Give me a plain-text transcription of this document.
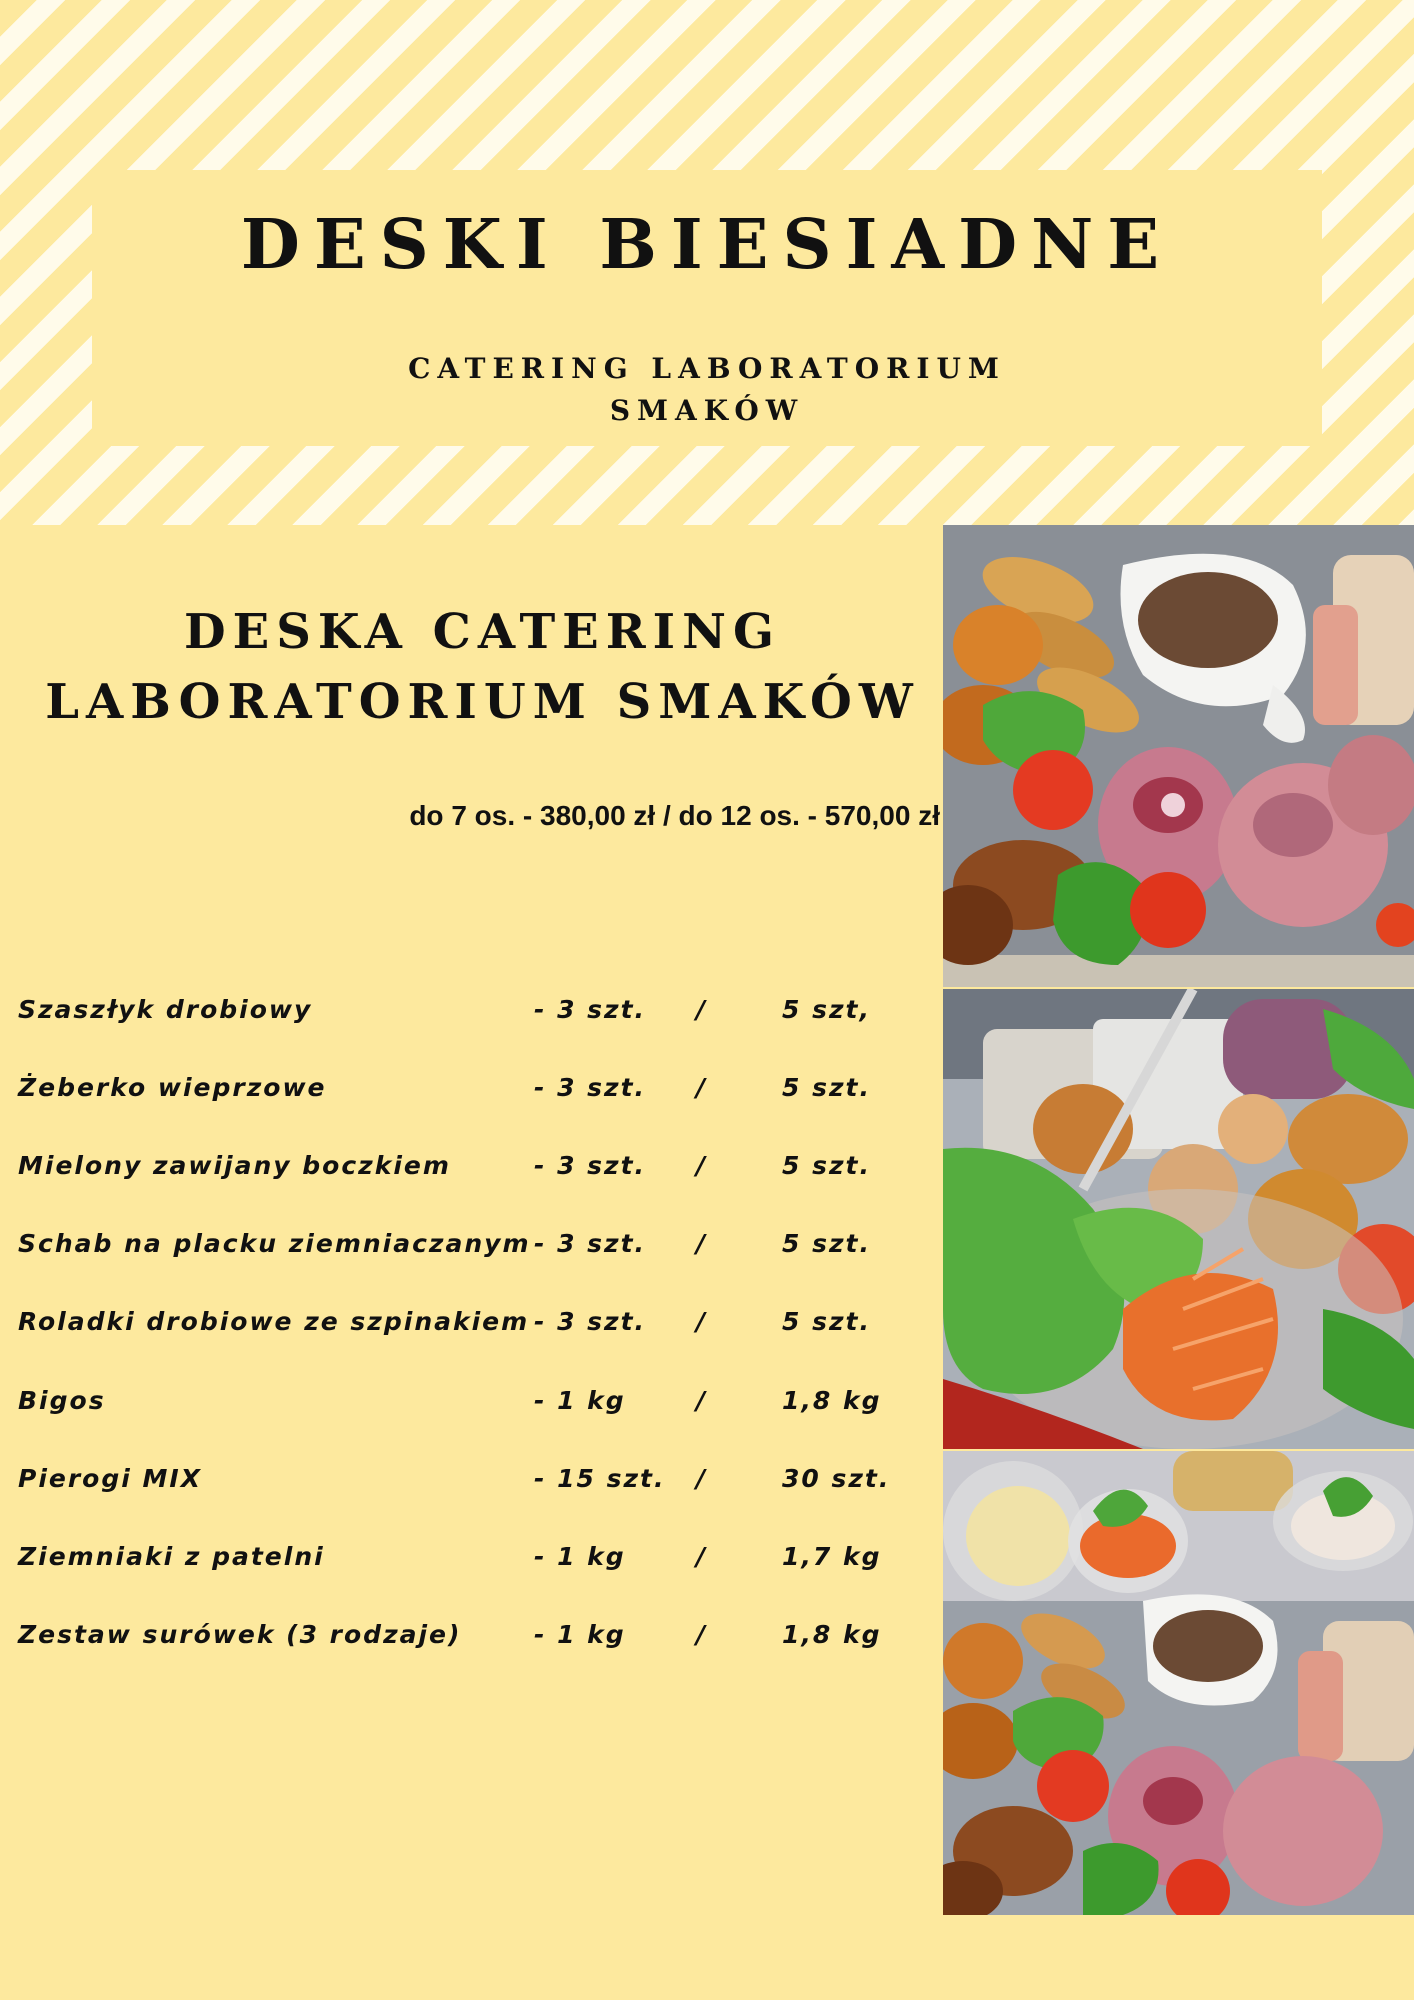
DESKI BIESIADNE
CATERING LABORATORIUM
SMAKÓW
DESKA CATERING
LABORATORIUM SMAKÓW
do 7 os. - 380,00 zł / do 12 os. - 570,00 zł
Szaszłyk drobiowy	- 3 szt. /	5 szt,
Żeberko wieprzowe	- 3 szt. /	5 szt.
Mielony zawijany boczkiem	- 3 szt. /	5 szt.
Schab na placku ziemniaczanym - 3 szt. /	5 szt.
Roladki drobiowe ze szpinakiem - 3 szt. /	5 szt.
Bigos	- 1 kg	/	1,8 kg
Pierogi MIX	- 15 szt. /	30 szt.
Ziemniaki z patelni	- 1 kg	/	1,7 kg
Zestaw surówek (3 rodzaje)	- 1 kg	/	1,8 kg
